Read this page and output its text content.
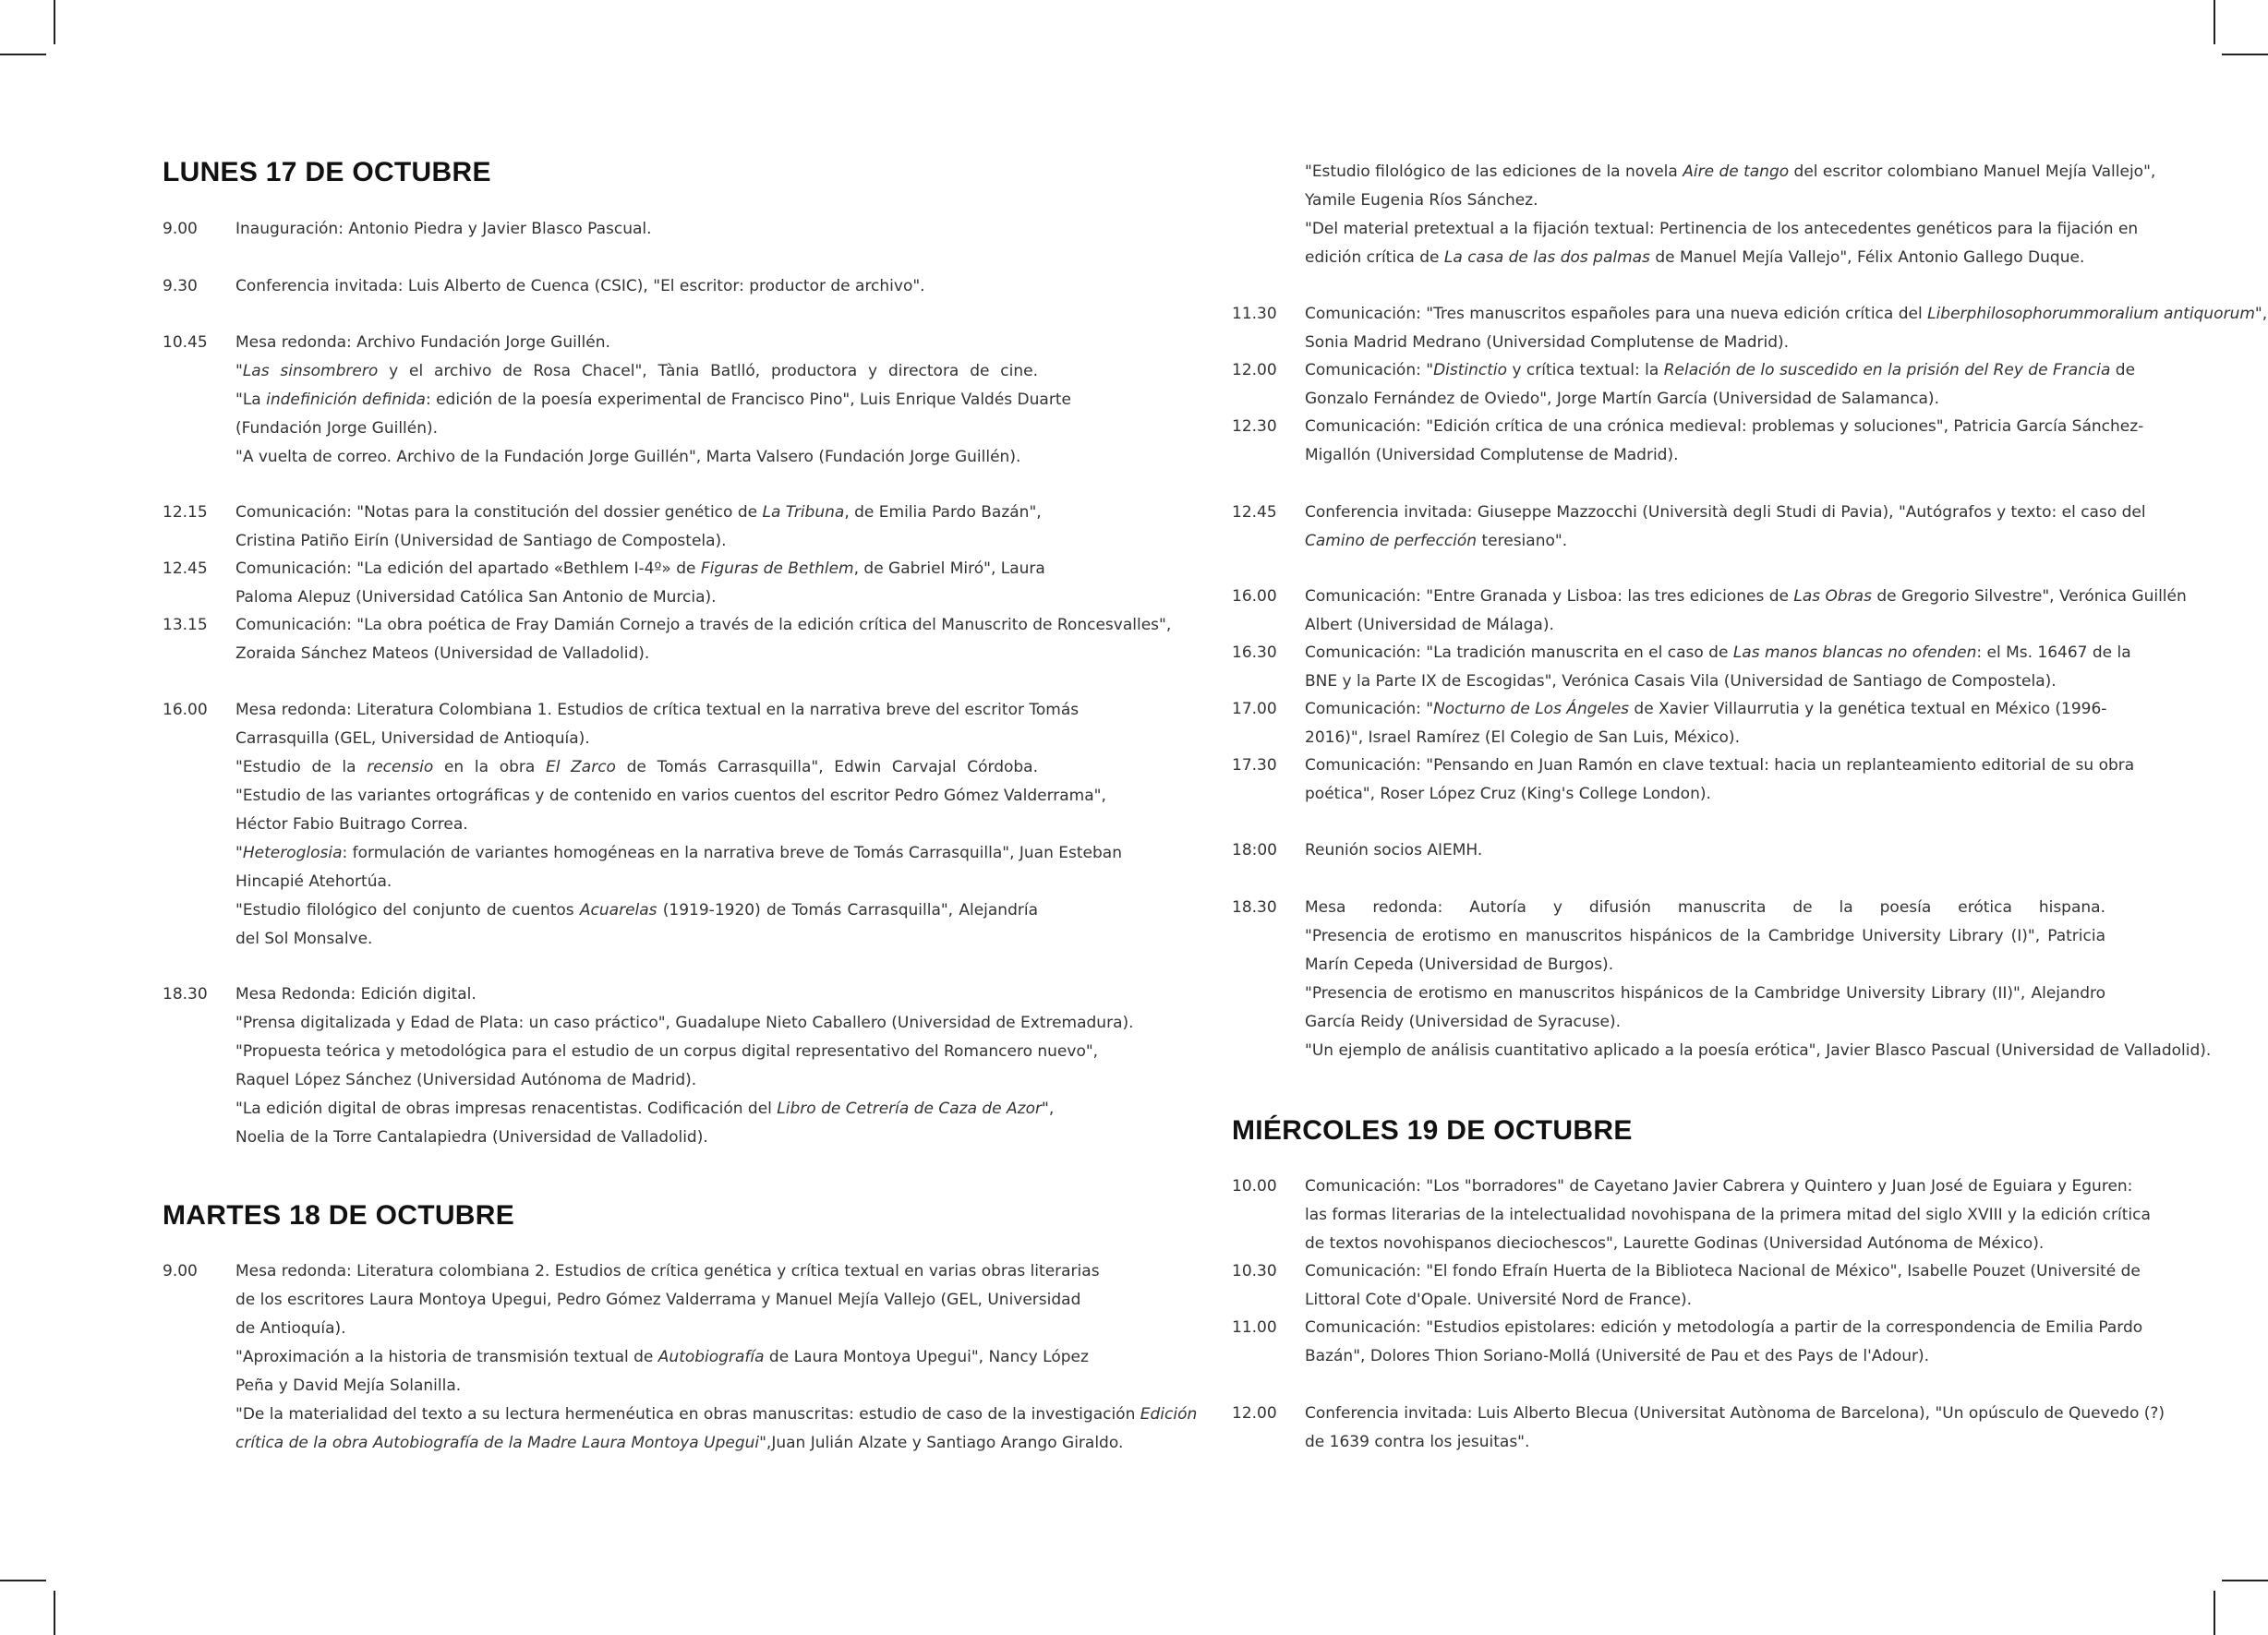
LUNES 17 DE OCTUBRE
9.00	Inauguración: Antonio Piedra y Javier Blasco Pascual.
9.30	Conferencia invitada: Luis Alberto de Cuenca (CSIC), "El escritor: productor de archivo".
10.45	Mesa redonda: Archivo Fundación Jorge Guillén.
"Las sinsombrero y el archivo de Rosa Chacel", Tània Batlló, productora y directora de cine.
"La indefinición definida: edición de la poesía experimental de Francisco Pino", Luis Enrique Valdés Duarte
(Fundación Jorge Guillén).
"A vuelta de correo. Archivo de la Fundación Jorge Guillén", Marta Valsero (Fundación Jorge Guillén).
12.15	Comunicación: "Notas para la constitución del dossier genético de La Tribuna, de Emilia Pardo Bazán",
Cristina Patiño Eirín (Universidad de Santiago de Compostela).
12.45	Comunicación: "La edición del apartado «Bethlem I-4º» de Figuras de Bethlem, de Gabriel Miró", Laura
Paloma Alepuz (Universidad Católica San Antonio de Murcia).
13.15	Comunicación: "La obra poética de Fray Damián Cornejo a través de la edición crítica del Manuscrito de Roncesvalles",
Zoraida Sánchez Mateos (Universidad de Valladolid).
16.00	Mesa redonda: Literatura Colombiana 1. Estudios de crítica textual en la narrativa breve del escritor Tomás
Carrasquilla (GEL, Universidad de Antioquía).
"Estudio de la recensio en la obra El Zarco de Tomás Carrasquilla", Edwin Carvajal Córdoba.
"Estudio de las variantes ortográficas y de contenido en varios cuentos del escritor Pedro Gómez Valderrama",
Héctor Fabio Buitrago Correa.
"Heteroglosia: formulación de variantes homogéneas en la narrativa breve de Tomás Carrasquilla", Juan Esteban
Hincapié Atehortúa.
"Estudio filológico del conjunto de cuentos Acuarelas (1919-1920) de Tomás Carrasquilla", Alejandría
del Sol Monsalve.
18.30	Mesa Redonda: Edición digital.
"Prensa digitalizada y Edad de Plata: un caso práctico", Guadalupe Nieto Caballero (Universidad de Extremadura).
"Propuesta teórica y metodológica para el estudio de un corpus digital representativo del Romancero nuevo",
Raquel López Sánchez (Universidad Autónoma de Madrid).
"La edición digital de obras impresas renacentistas. Codificación del Libro de Cetrería de Caza de Azor",
Noelia de la Torre Cantalapiedra (Universidad de Valladolid).
MARTES 18 DE OCTUBRE
9.00	Mesa redonda: Literatura colombiana 2. Estudios de crítica genética y crítica textual en varias obras literarias
de los escritores Laura Montoya Upegui, Pedro Gómez Valderrama y Manuel Mejía Vallejo (GEL, Universidad
de Antioquía).
"Aproximación a la historia de transmisión textual de Autobiografía de Laura Montoya Upegui", Nancy López
Peña y David Mejía Solanilla.
"De la materialidad del texto a su lectura hermenéutica en obras manuscritas: estudio de caso de la investigación Edición
crítica de la obra Autobiografía de la Madre Laura Montoya Upegui",Juan Julián Alzate y Santiago Arango Giraldo.
"Estudio filológico de las ediciones de la novela Aire de tango del escritor colombiano Manuel Mejía Vallejo",
Yamile Eugenia Ríos Sánchez.
"Del material pretextual a la fijación textual: Pertinencia de los antecedentes genéticos para la fijación en
edición crítica de La casa de las dos palmas de Manuel Mejía Vallejo", Félix Antonio Gallego Duque.
11.30	Comunicación: "Tres manuscritos españoles para una nueva edición crítica del Liberphilosophorummoralium antiquorum",
Sonia Madrid Medrano (Universidad Complutense de Madrid).
12.00	Comunicación: "Distinctio y crítica textual: la Relación de lo suscedido en la prisión del Rey de Francia de
Gonzalo Fernández de Oviedo", Jorge Martín García (Universidad de Salamanca).
12.30	Comunicación: "Edición crítica de una crónica medieval: problemas y soluciones", Patricia García Sánchez-
Migallón (Universidad Complutense de Madrid).
12.45	Conferencia invitada: Giuseppe Mazzocchi (Università degli Studi di Pavia), "Autógrafos y texto: el caso del
Camino de perfección teresiano".
16.00	Comunicación: "Entre Granada y Lisboa: las tres ediciones de Las Obras de Gregorio Silvestre", Verónica Guillén
Albert (Universidad de Málaga).
16.30	Comunicación: "La tradición manuscrita en el caso de Las manos blancas no ofenden: el Ms. 16467 de la
BNE y la Parte IX de Escogidas", Verónica Casais Vila (Universidad de Santiago de Compostela).
17.00	Comunicación: "Nocturno de Los Ángeles de Xavier Villaurrutia y la genética textual en México (1996-
2016)", Israel Ramírez (El Colegio de San Luis, México).
17.30	Comunicación: "Pensando en Juan Ramón en clave textual: hacia un replanteamiento editorial de su obra
poética", Roser López Cruz (King's College London).
18:00	Reunión socios AIEMH.
18.30	Mesa redonda: Autoría y difusión manuscrita de la poesía erótica hispana.
"Presencia de erotismo en manuscritos hispánicos de la Cambridge University Library (I)", Patricia
Marín Cepeda (Universidad de Burgos).
"Presencia de erotismo en manuscritos hispánicos de la Cambridge University Library (II)", Alejandro
García Reidy (Universidad de Syracuse).
"Un ejemplo de análisis cuantitativo aplicado a la poesía erótica", Javier Blasco Pascual (Universidad de Valladolid).
MIÉRCOLES 19 DE OCTUBRE
10.00	Comunicación: "Los "borradores" de Cayetano Javier Cabrera y Quintero y Juan José de Eguiara y Eguren:
las formas literarias de la intelectualidad novohispana de la primera mitad del siglo XVIII y la edición crítica
de textos novohispanos dieciochescos", Laurette Godinas (Universidad Autónoma de México).
10.30	Comunicación: "El fondo Efraín Huerta de la Biblioteca Nacional de México", Isabelle Pouzet (Université de
Littoral Cote d'Opale. Université Nord de France).
11.00	Comunicación: "Estudios epistolares: edición y metodología a partir de la correspondencia de Emilia Pardo
Bazán", Dolores Thion Soriano-Mollá (Université de Pau et des Pays de l'Adour).
12.00	Conferencia invitada: Luis Alberto Blecua (Universitat Autònoma de Barcelona), "Un opúsculo de Quevedo (?)
de 1639 contra los jesuitas".
